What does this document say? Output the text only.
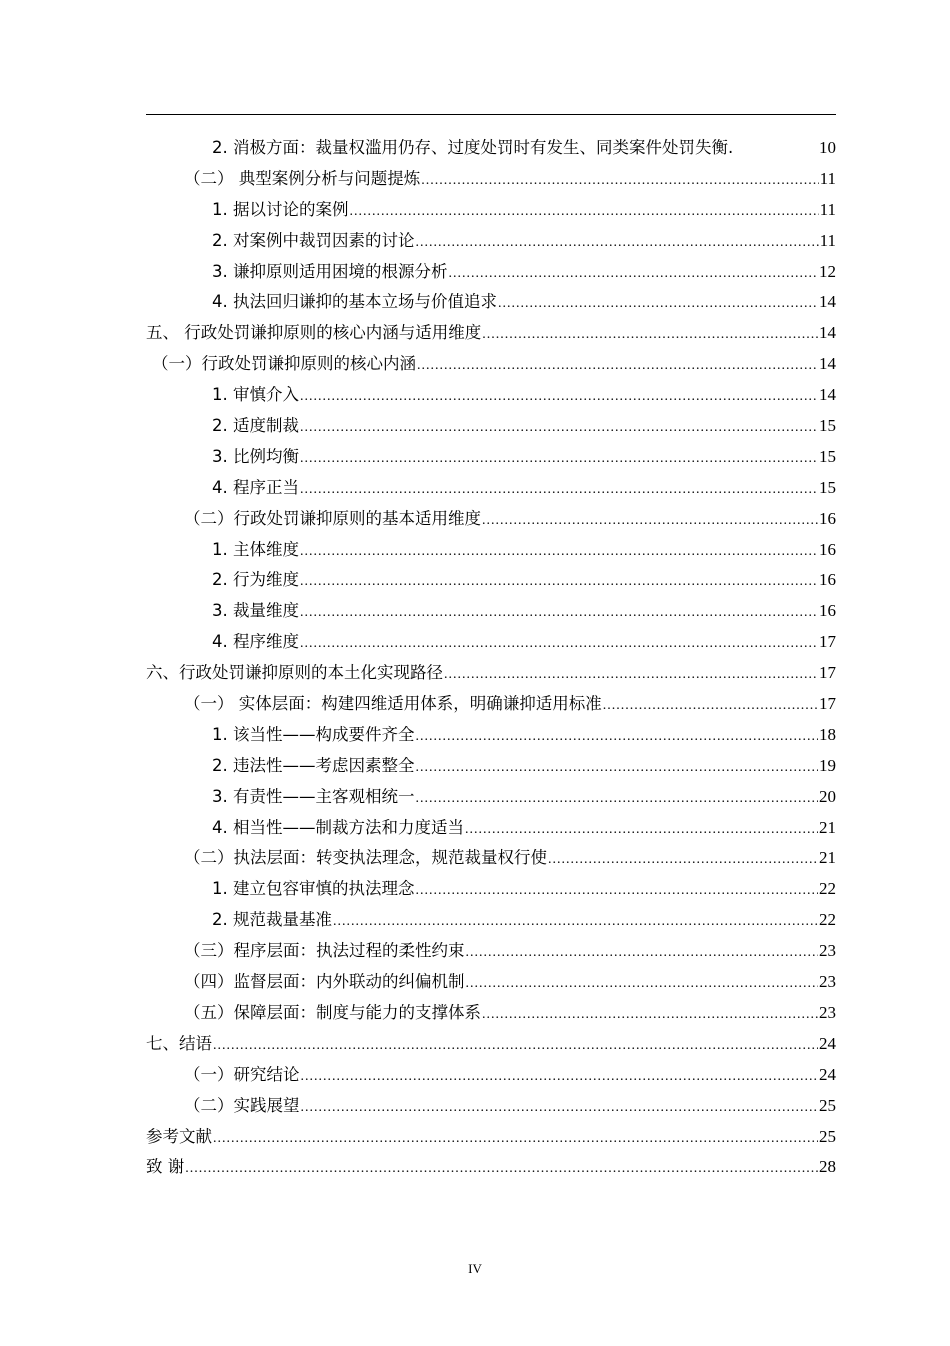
2. 消极方面：裁量权滥用仍存、过度处罚时有发生、同类案件处罚失衡.	10
（二） 典型案例分析与问题提炼 .....	11
1. 据以讨论的案例 .....	11
2. 对案例中裁罚因素的讨论 .....	11
3. 谦抑原则适用困境的根源分析 .....	12
4. 执法回归谦抑的基本立场与价值追求 .....	14
五、 行政处罚谦抑原则的核心内涵与适用维度 .....	14
（一）行政处罚谦抑原则的核心内涵 .....	14
1. 审慎介入 .....	14
2. 适度制裁 .....	15
3. 比例均衡 .....	15
4. 程序正当 .....	15
（二）行政处罚谦抑原则的基本适用维度 .....	16
1. 主体维度 .....	16
2. 行为维度 .....	16
3. 裁量维度 .....	16
4. 程序维度 .....	17
六、行政处罚谦抑原则的本土化实现路径 .....	17
（一） 实体层面：构建四维适用体系，明确谦抑适用标准 .....	17
1. 该当性——构成要件齐全 .....	18
2. 违法性——考虑因素整全 .....	19
3. 有责性——主客观相统一 .....	20
4. 相当性——制裁方法和力度适当 .....	21
（二）执法层面：转变执法理念，规范裁量权行使 .....	21
1. 建立包容审慎的执法理念 .....	22
2. 规范裁量基准 .....	22
（三）程序层面：执法过程的柔性约束 .....	23
（四）监督层面：内外联动的纠偏机制 .....	23
（五）保障层面：制度与能力的支撑体系 .....	23
七、结语 .....	24
（一）研究结论 .....	24
（二）实践展望 .....	25
参考文献 .....	25
致 谢 .....	28
IV
